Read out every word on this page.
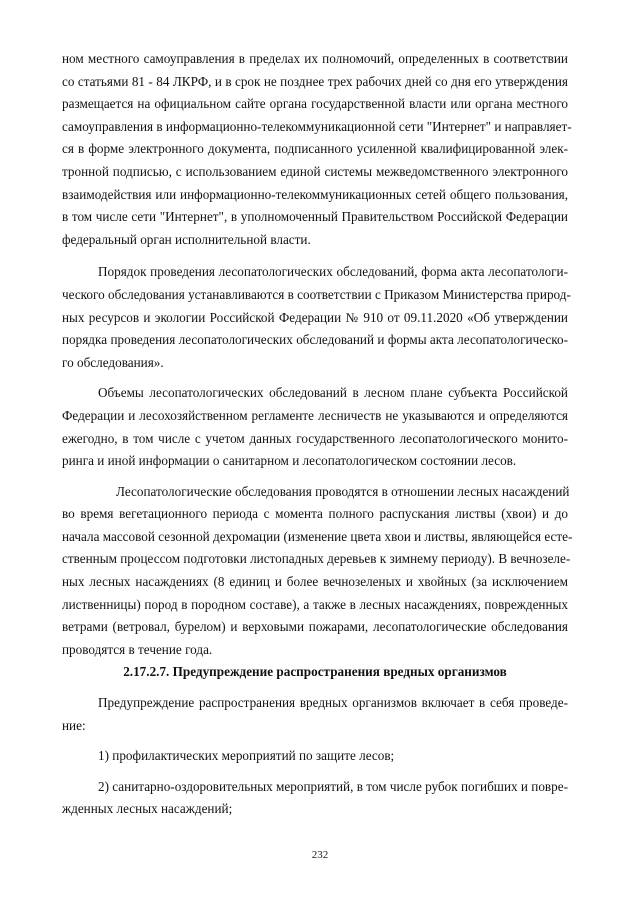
ном местного самоуправления в пределах их полномочий, определенных в соответствии
со статьями 81 - 84 ЛКРФ, и в срок не позднее трех рабочих дней со дня его утверждения
размещается на официальном сайте органа государственной власти или органа местного
самоуправления в информационно-телекоммуникационной сети "Интернет" и направляет-
ся в форме электронного документа, подписанного усиленной квалифицированной элек-
тронной подписью, с использованием единой системы межведомственного электронного
взаимодействия или информационно-телекоммуникационных сетей общего пользования,
в том числе сети "Интернет", в уполномоченный Правительством Российской Федерации
федеральный орган исполнительной власти.
Порядок проведения лесопатологических обследований, форма акта лесопатологи-
ческого обследования устанавливаются в соответствии с Приказом Министерства природ-
ных ресурсов и экологии Российской Федерации № 910 от 09.11.2020 «Об утверждении
порядка проведения лесопатологических обследований и формы акта лесопатологическо-
го обследования».
Объемы лесопатологических обследований в лесном плане субъекта Российской
Федерации и лесохозяйственном регламенте лесничеств не указываются и определяются
ежегодно, в том числе с учетом данных государственного лесопатологического монито-
ринга и иной информации о санитарном и лесопатологическом состоянии лесов.
Лесопатологические обследования проводятся в отношении лесных насаждений
во время вегетационного периода с момента полного распускания листвы (хвои) и до
начала массовой сезонной дехромации (изменение цвета хвои и листвы, являющейся есте-
ственным процессом подготовки листопадных деревьев к зимнему периоду). В вечнозеле-
ных лесных насаждениях (8 единиц и более вечнозеленых и хвойных (за исключением
лиственницы) пород в породном составе), а также в лесных насаждениях, поврежденных
ветрами (ветровал, бурелом) и верховыми пожарами, лесопатологические обследования
проводятся в течение года.
2.17.2.7. Предупреждение распространения вредных организмов
Предупреждение распространения вредных организмов включает в себя проведе-
ние:
1) профилактических мероприятий по защите лесов;
2) санитарно-оздоровительных мероприятий, в том числе рубок погибших и повре-
жденных лесных насаждений;
232
